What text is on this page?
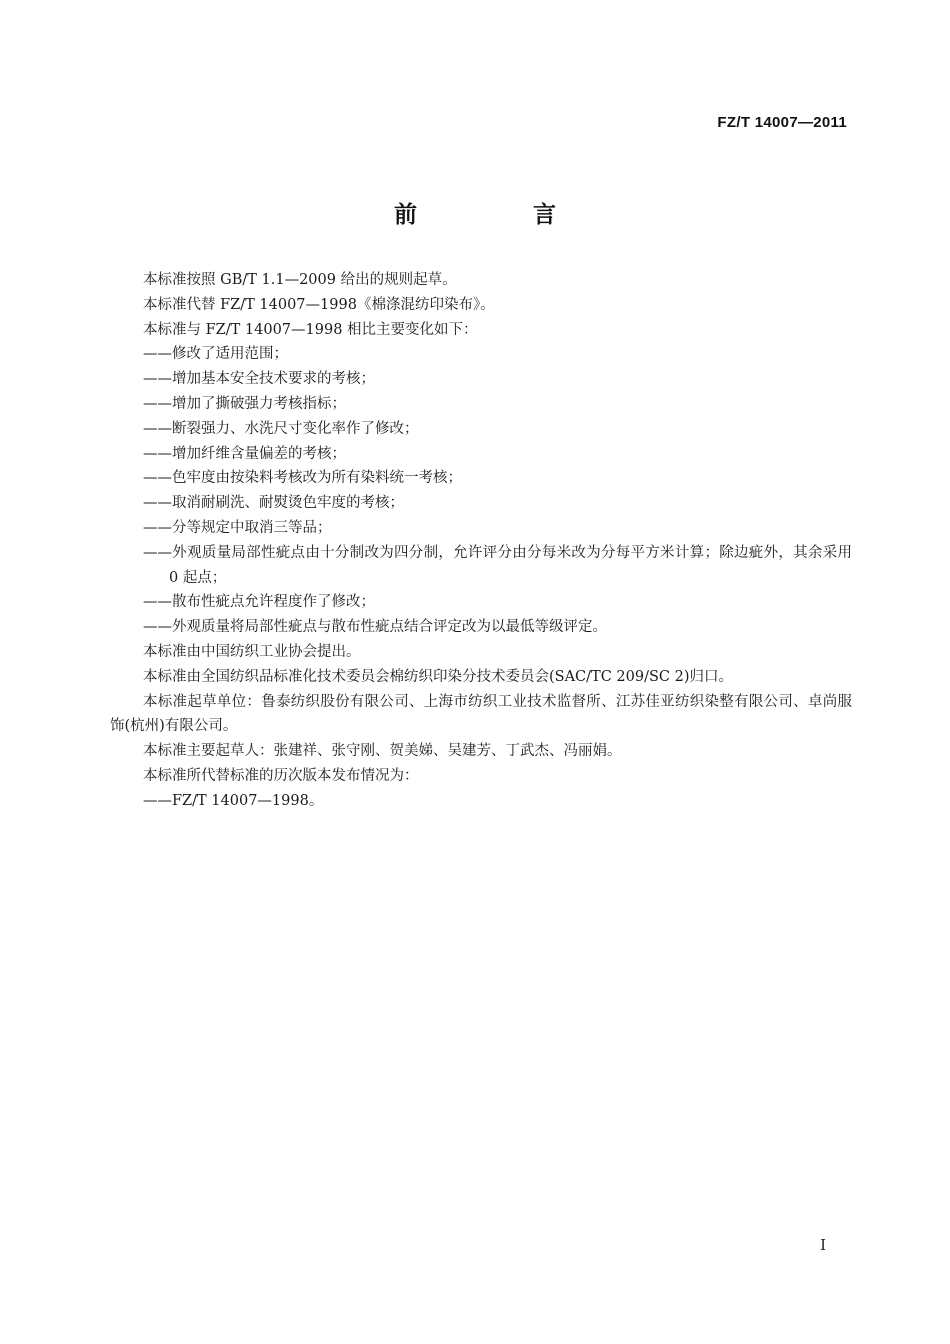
FZ/T 14007—2011
前 言

本标准按照 GB/T 1.1—2009 给出的规则起草。

本标准代替 FZ/T 14007—1998《棉涤混纺印染布》。

本标准与 FZ/T 14007—1998 相比主要变化如下：

——修改了适用范围；

——增加基本安全技术要求的考核；

——增加了撕破强力考核指标；

——断裂强力、水洗尺寸变化率作了修改；

——增加纤维含量偏差的考核；

——色牢度由按染料考核改为所有染料统一考核；

——取消耐刷洗、耐熨烫色牢度的考核；

——分等规定中取消三等品；

——外观质量局部性疵点由十分制改为四分制，允许评分由分每米改为分每平方米计算；除边疵外，其余采用 0 起点；

——散布性疵点允许程度作了修改；

——外观质量将局部性疵点与散布性疵点结合评定改为以最低等级评定。

本标准由中国纺织工业协会提出。

本标准由全国纺织品标准化技术委员会棉纺织印染分技术委员会(SAC/TC 209/SC 2)归口。

本标准起草单位：鲁泰纺织股份有限公司、上海市纺织工业技术监督所、江苏佳亚纺织染整有限公司、卓尚服饰(杭州)有限公司。

本标准主要起草人：张建祥、张守刚、贺美娣、吴建芳、丁武杰、冯丽娟。

本标准所代替标准的历次版本发布情况为：

——FZ/T 14007—1998。

I
